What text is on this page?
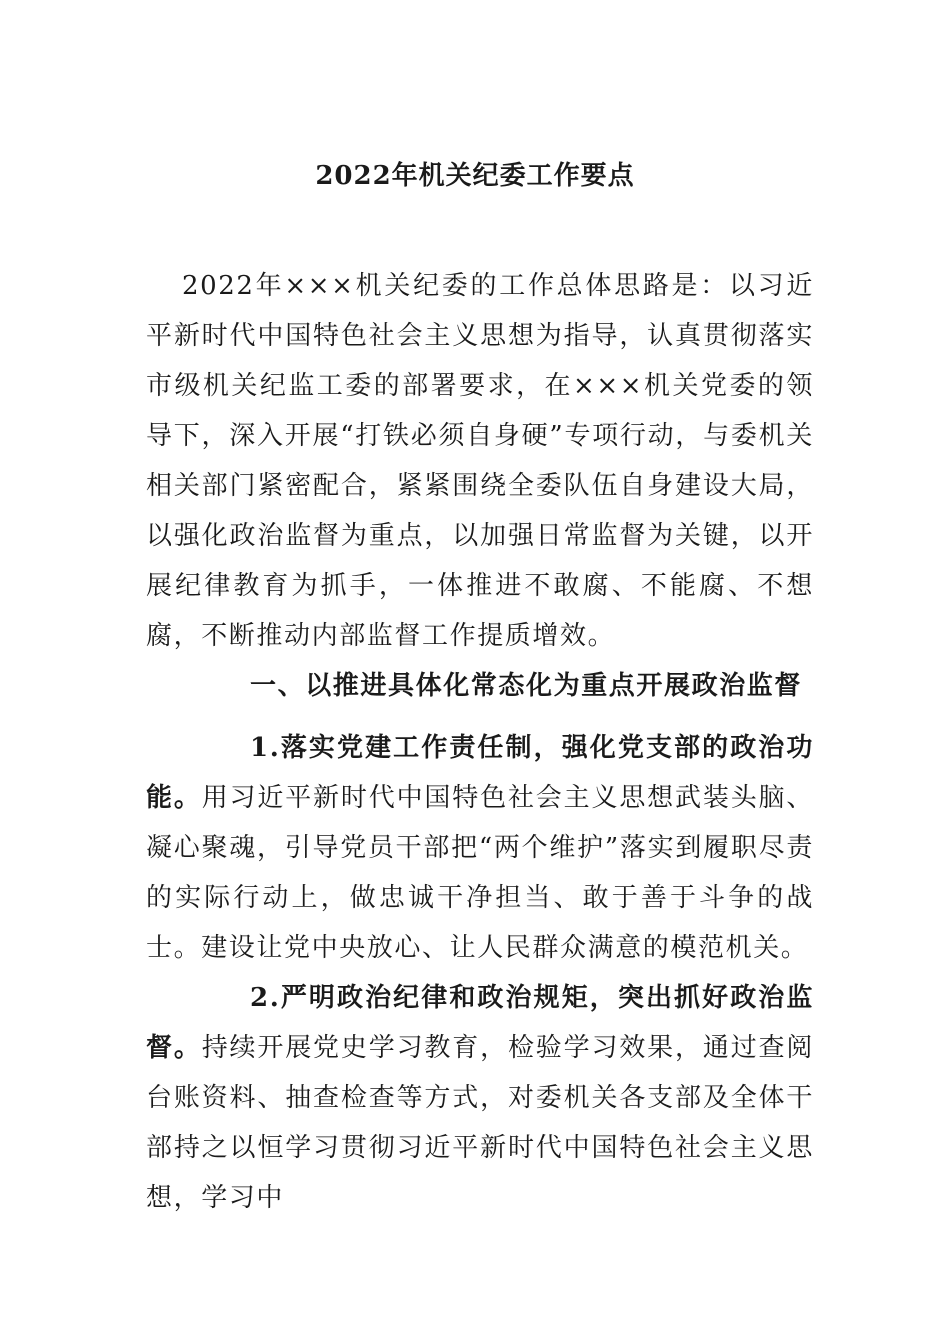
2022年机关纪委工作要点

2022年×××机关纪委的工作总体思路是：以习近平新时代中国特色社会主义思想为指导，认真贯彻落实市级机关纪监工委的部署要求，在×××机关党委的领导下，深入开展“打铁必须自身硬”专项行动，与委机关相关部门紧密配合，紧紧围绕全委队伍自身建设大局，以强化政治监督为重点，以加强日常监督为关键，以开展纪律教育为抓手，一体推进不敢腐、不能腐、不想腐，不断推动内部监督工作提质增效。

一、以推进具体化常态化为重点开展政治监督

1.落实党建工作责任制，强化党支部的政治功能。用习近平新时代中国特色社会主义思想武装头脑、凝心聚魂，引导党员干部把“两个维护”落实到履职尽责的实际行动上，做忠诚干净担当、敢于善于斗争的战士。建设让党中央放心、让人民群众满意的模范机关。

2.严明政治纪律和政治规矩，突出抓好政治监督。持续开展党史学习教育，检验学习效果，通过查阅台账资料、抽查检查等方式，对委机关各支部及全体干部持之以恒学习贯彻习近平新时代中国特色社会主义思想，学习中
